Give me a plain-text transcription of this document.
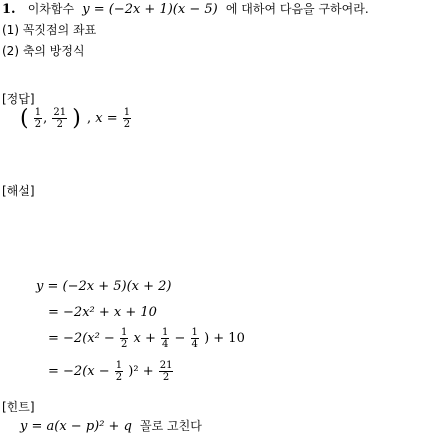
1. 이차함수 y = (−2x + 1)(x − 5) 에 대하여 다음을 구하여라.
(1) 꼭짓점의 좌표
(2) 축의 방정식
[정답]
( $\frac{1}{2}$ , $\frac{21}{2}$ ) , $x = \frac{1}{2}$
[해설]
y = (−2x + 5)(x + 2)
= −2x² + x + 10
= $-2(x^2 - \frac{1}{2}$ $x + \frac{1}{4} - \frac{1}{4}$ ) + 10
= $-2(x - \frac{1}{2} )^2 + \frac{21}{2}$
[힌트]
y = a(x − p)² + q 꼴로 고친다
